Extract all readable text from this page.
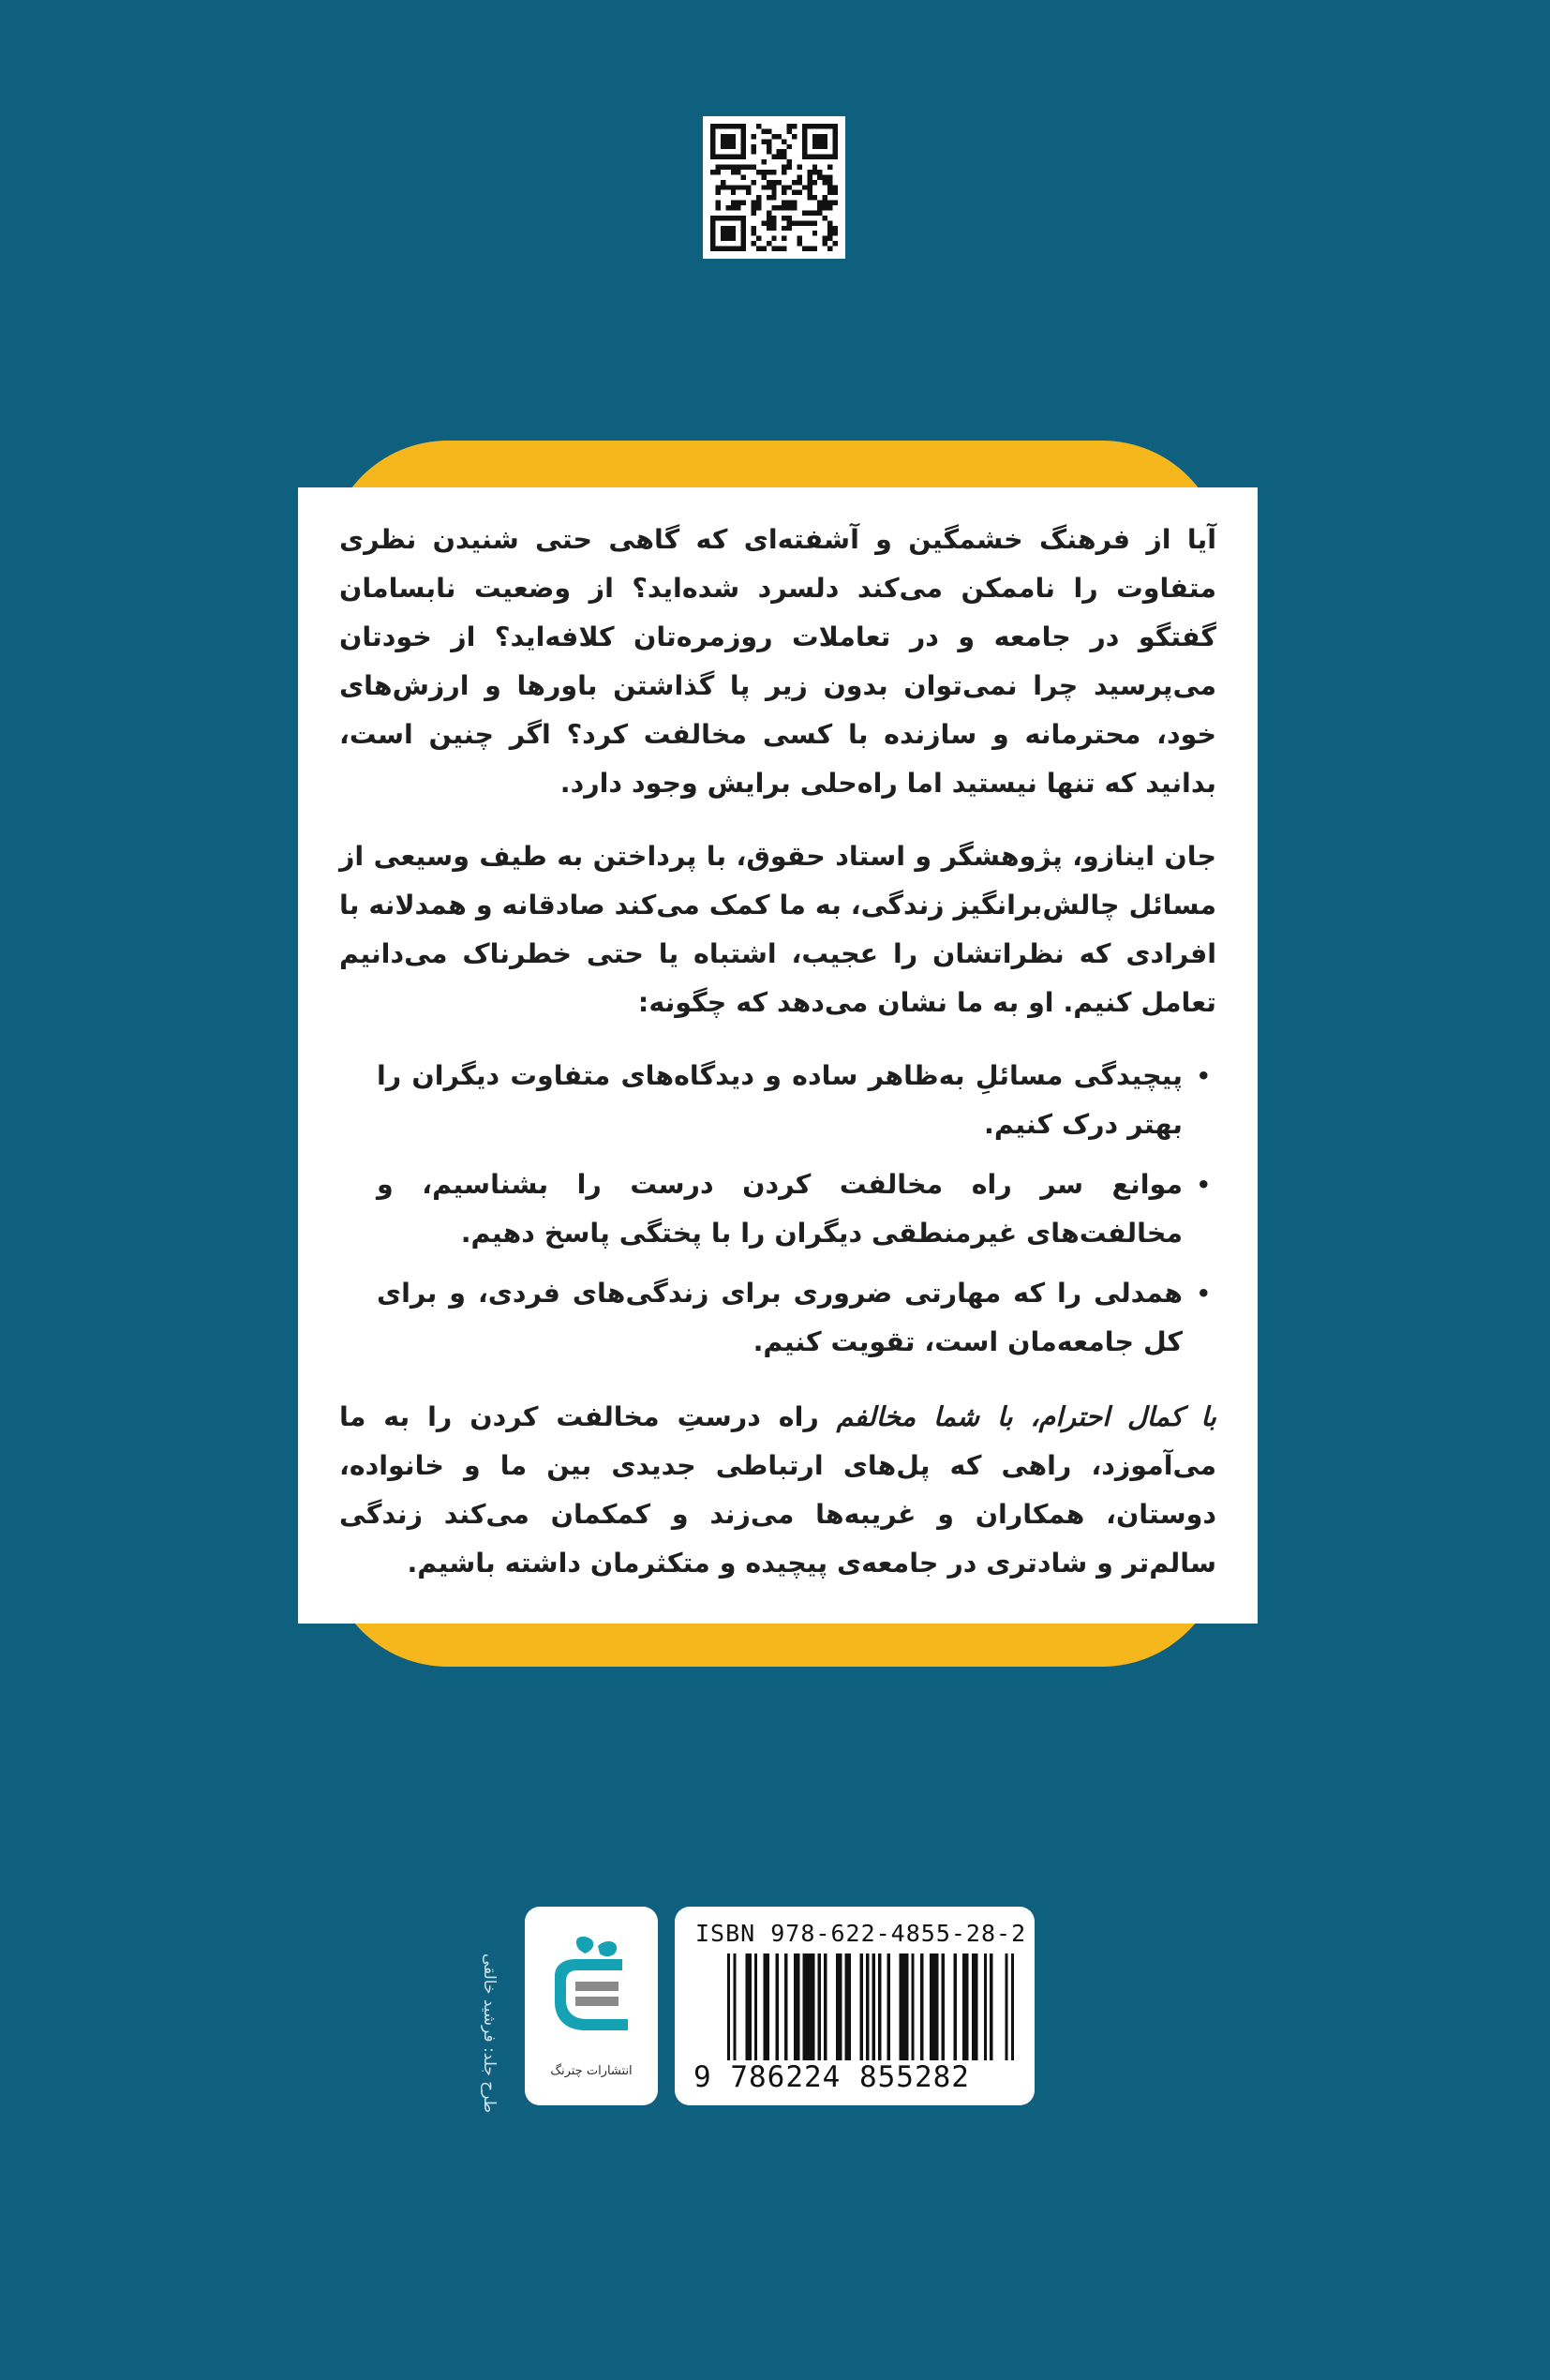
آیا از فرهنگ خشمگین و آشفته‌ای که گاهی حتی شنیدن نظری متفاوت را ناممکن می‌کند دلسرد شده‌اید؟ از وضعیت نابسامان گفتگو در جامعه و در تعاملات روزمره‌تان کلافه‌اید؟ از خودتان می‌پرسید چرا نمی‌توان بدون زیر پا گذاشتن باورها و ارزش‌های خود، محترمانه و سازنده با کسی مخالفت کرد؟ اگر چنین است، بدانید که تنها نیستید اما راه‌حلی برایش وجود دارد.

جان اینازو، پژوهشگر و استاد حقوق، با پرداختن به طیف وسیعی از مسائل چالش‌برانگیز زندگی، به ما کمک می‌کند صادقانه و همدلانه با افرادی که نظراتشان را عجیب، اشتباه یا حتی خطرناک می‌دانیم تعامل کنیم. او به ما نشان می‌دهد که چگونه:

•
پیچیدگی مسائلِ به‌ظاهر ساده و دیدگاه‌های متفاوت دیگران را بهتر درک کنیم.
•
موانع سر راه مخالفت کردن درست را بشناسیم، و مخالفت‌های غیرمنطقی دیگران را با پختگی پاسخ دهیم.
•
همدلی را که مهارتی ضروری برای زندگی‌های فردی، و برای کل جامعه‌مان است، تقویت کنیم.

با کمال احترام، با شما مخالفم راه درستِ مخالفت کردن را به ما می‌آموزد، راهی که پل‌های ارتباطی جدیدی بین ما و خانواده، دوستان، همکاران و غریبه‌ها می‌زند و کمکمان می‌کند زندگی سالم‌تر و شادتری در جامعه‌ی پیچیده و متکثرمان داشته باشیم.

طرح جلد: فرشید خالقی	انتشارات چترنگ
ISBN 978-622-4855-28-2
9 786224 855282
